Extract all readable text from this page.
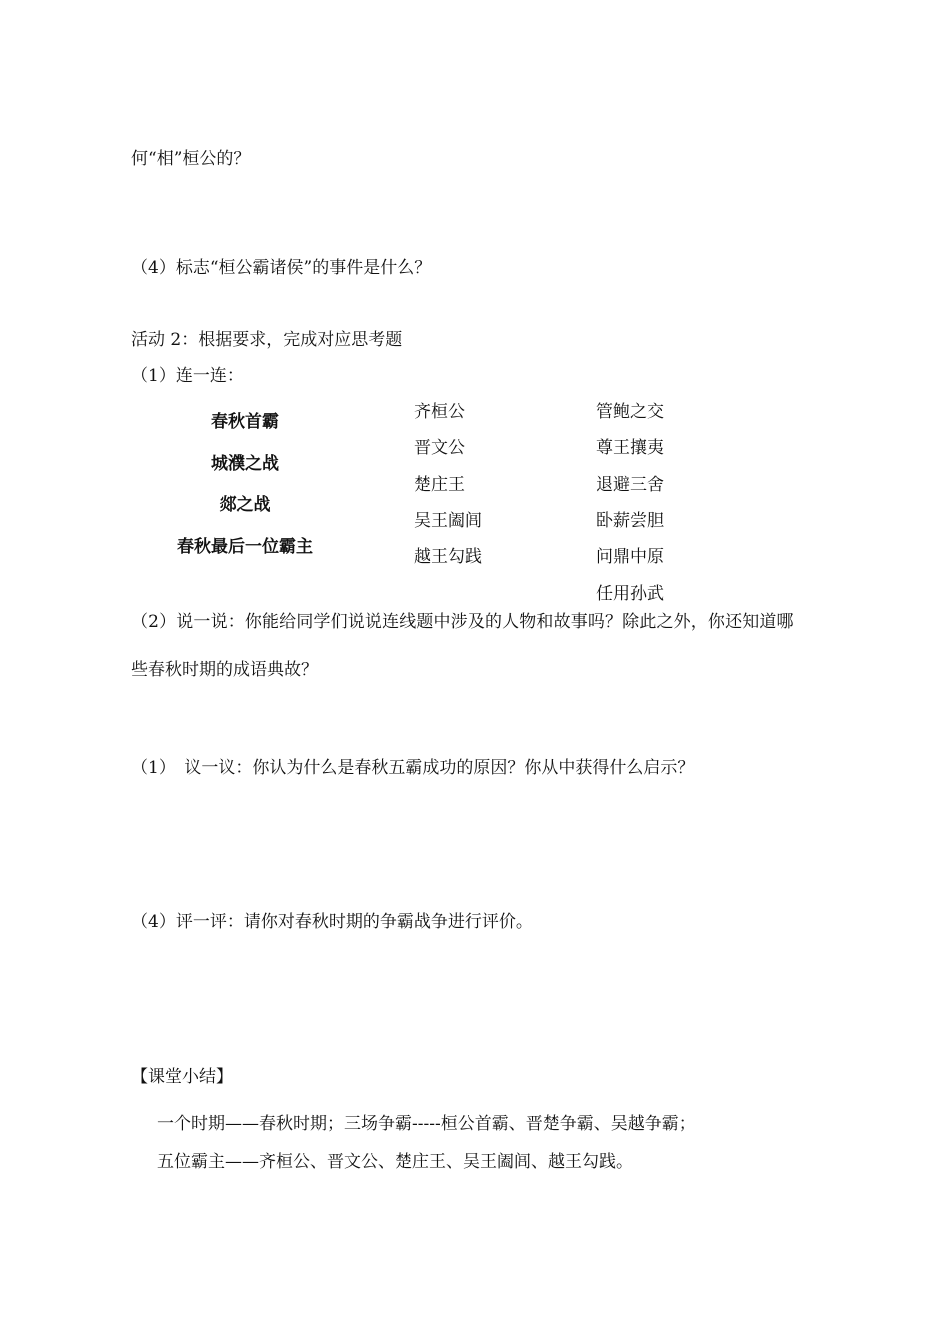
何“相”桓公的？
（4）标志“桓公霸诸侯”的事件是什么？
活动 2：根据要求，完成对应思考题
（1）连一连：
春秋首霸
城濮之战
郯之战
春秋最后一位霸主
齐桓公
晋文公
楚庄王
吴王阖闾
越王勾践
管鲍之交
尊王攘夷
退避三舍
卧薪尝胆
问鼎中原
任用孙武
（2）说一说：你能给同学们说说连线题中涉及的人物和故事吗？除此之外，你还知道哪
些春秋时期的成语典故？
（1）　议一议：你认为什么是春秋五霸成功的原因？你从中获得什么启示？
（4）评一评：请你对春秋时期的争霸战争进行评价。
【课堂小结】
一个时期——春秋时期；三场争霸-----桓公首霸、晋楚争霸、吴越争霸；
五位霸主——齐桓公、晋文公、楚庄王、吴王阖闾、越王勾践。
